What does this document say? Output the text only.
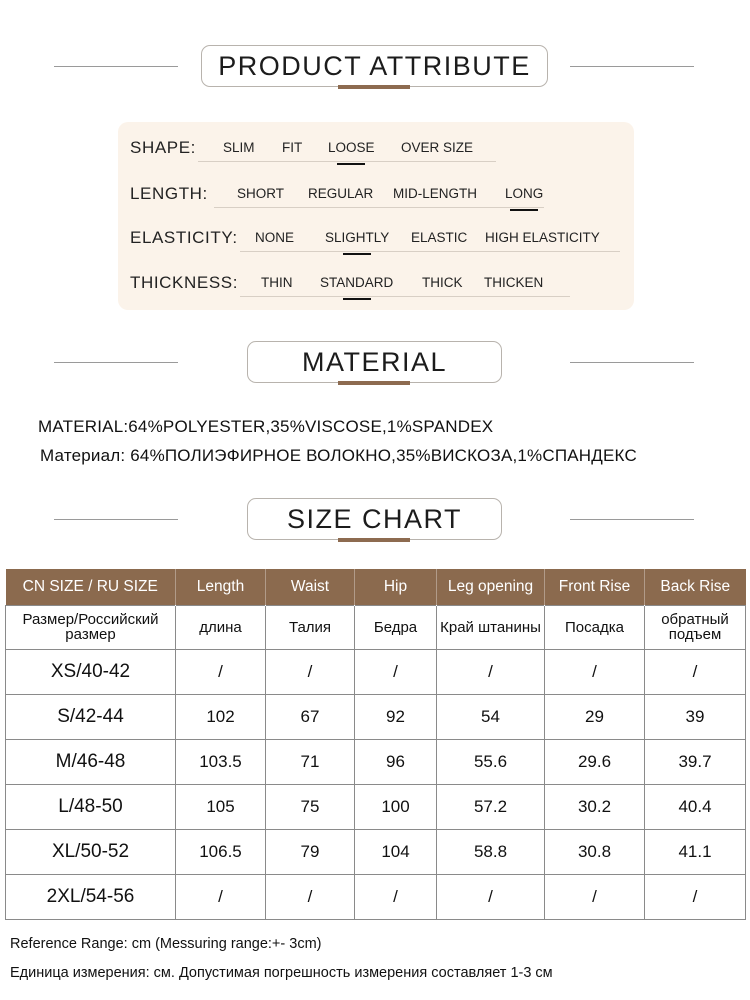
PRODUCT ATTRIBUTE
SHAPE: SLIM FIT LOOSE OVER SIZE
LENGTH: SHORT REGULAR MID-LENGTH LONG
ELASTICITY: NONE SLIGHTLY ELASTIC HIGH ELASTICITY
THICKNESS: THIN STANDARD THICK THICKEN
MATERIAL
MATERIAL:64%POLYESTER,35%VISCOSE,1%SPANDEX
Материал: 64%ПОЛИЭФИРНОЕ ВОЛОКНО,35%ВИСКОЗА,1%СПАНДЕКС
SIZE CHART
CN SIZE / RU SIZE	Length	Waist	Hip	Leg opening	Front Rise	Back Rise
Размер/Российский размер	длина	Талия	Бедра	Край штанины	Посадка	обратный подъем
XS/40-42	/	/	/	/	/	/
S/42-44	102	67	92	54	29	39
M/46-48	103.5	71	96	55.6	29.6	39.7
L/48-50	105	75	100	57.2	30.2	40.4
XL/50-52	106.5	79	104	58.8	30.8	41.1
2XL/54-56	/	/	/	/	/	/
Reference Range: cm (Messuring range:+- 3cm)
Единица измерения: см. Допустимая погрешность измерения составляет 1-3 см
